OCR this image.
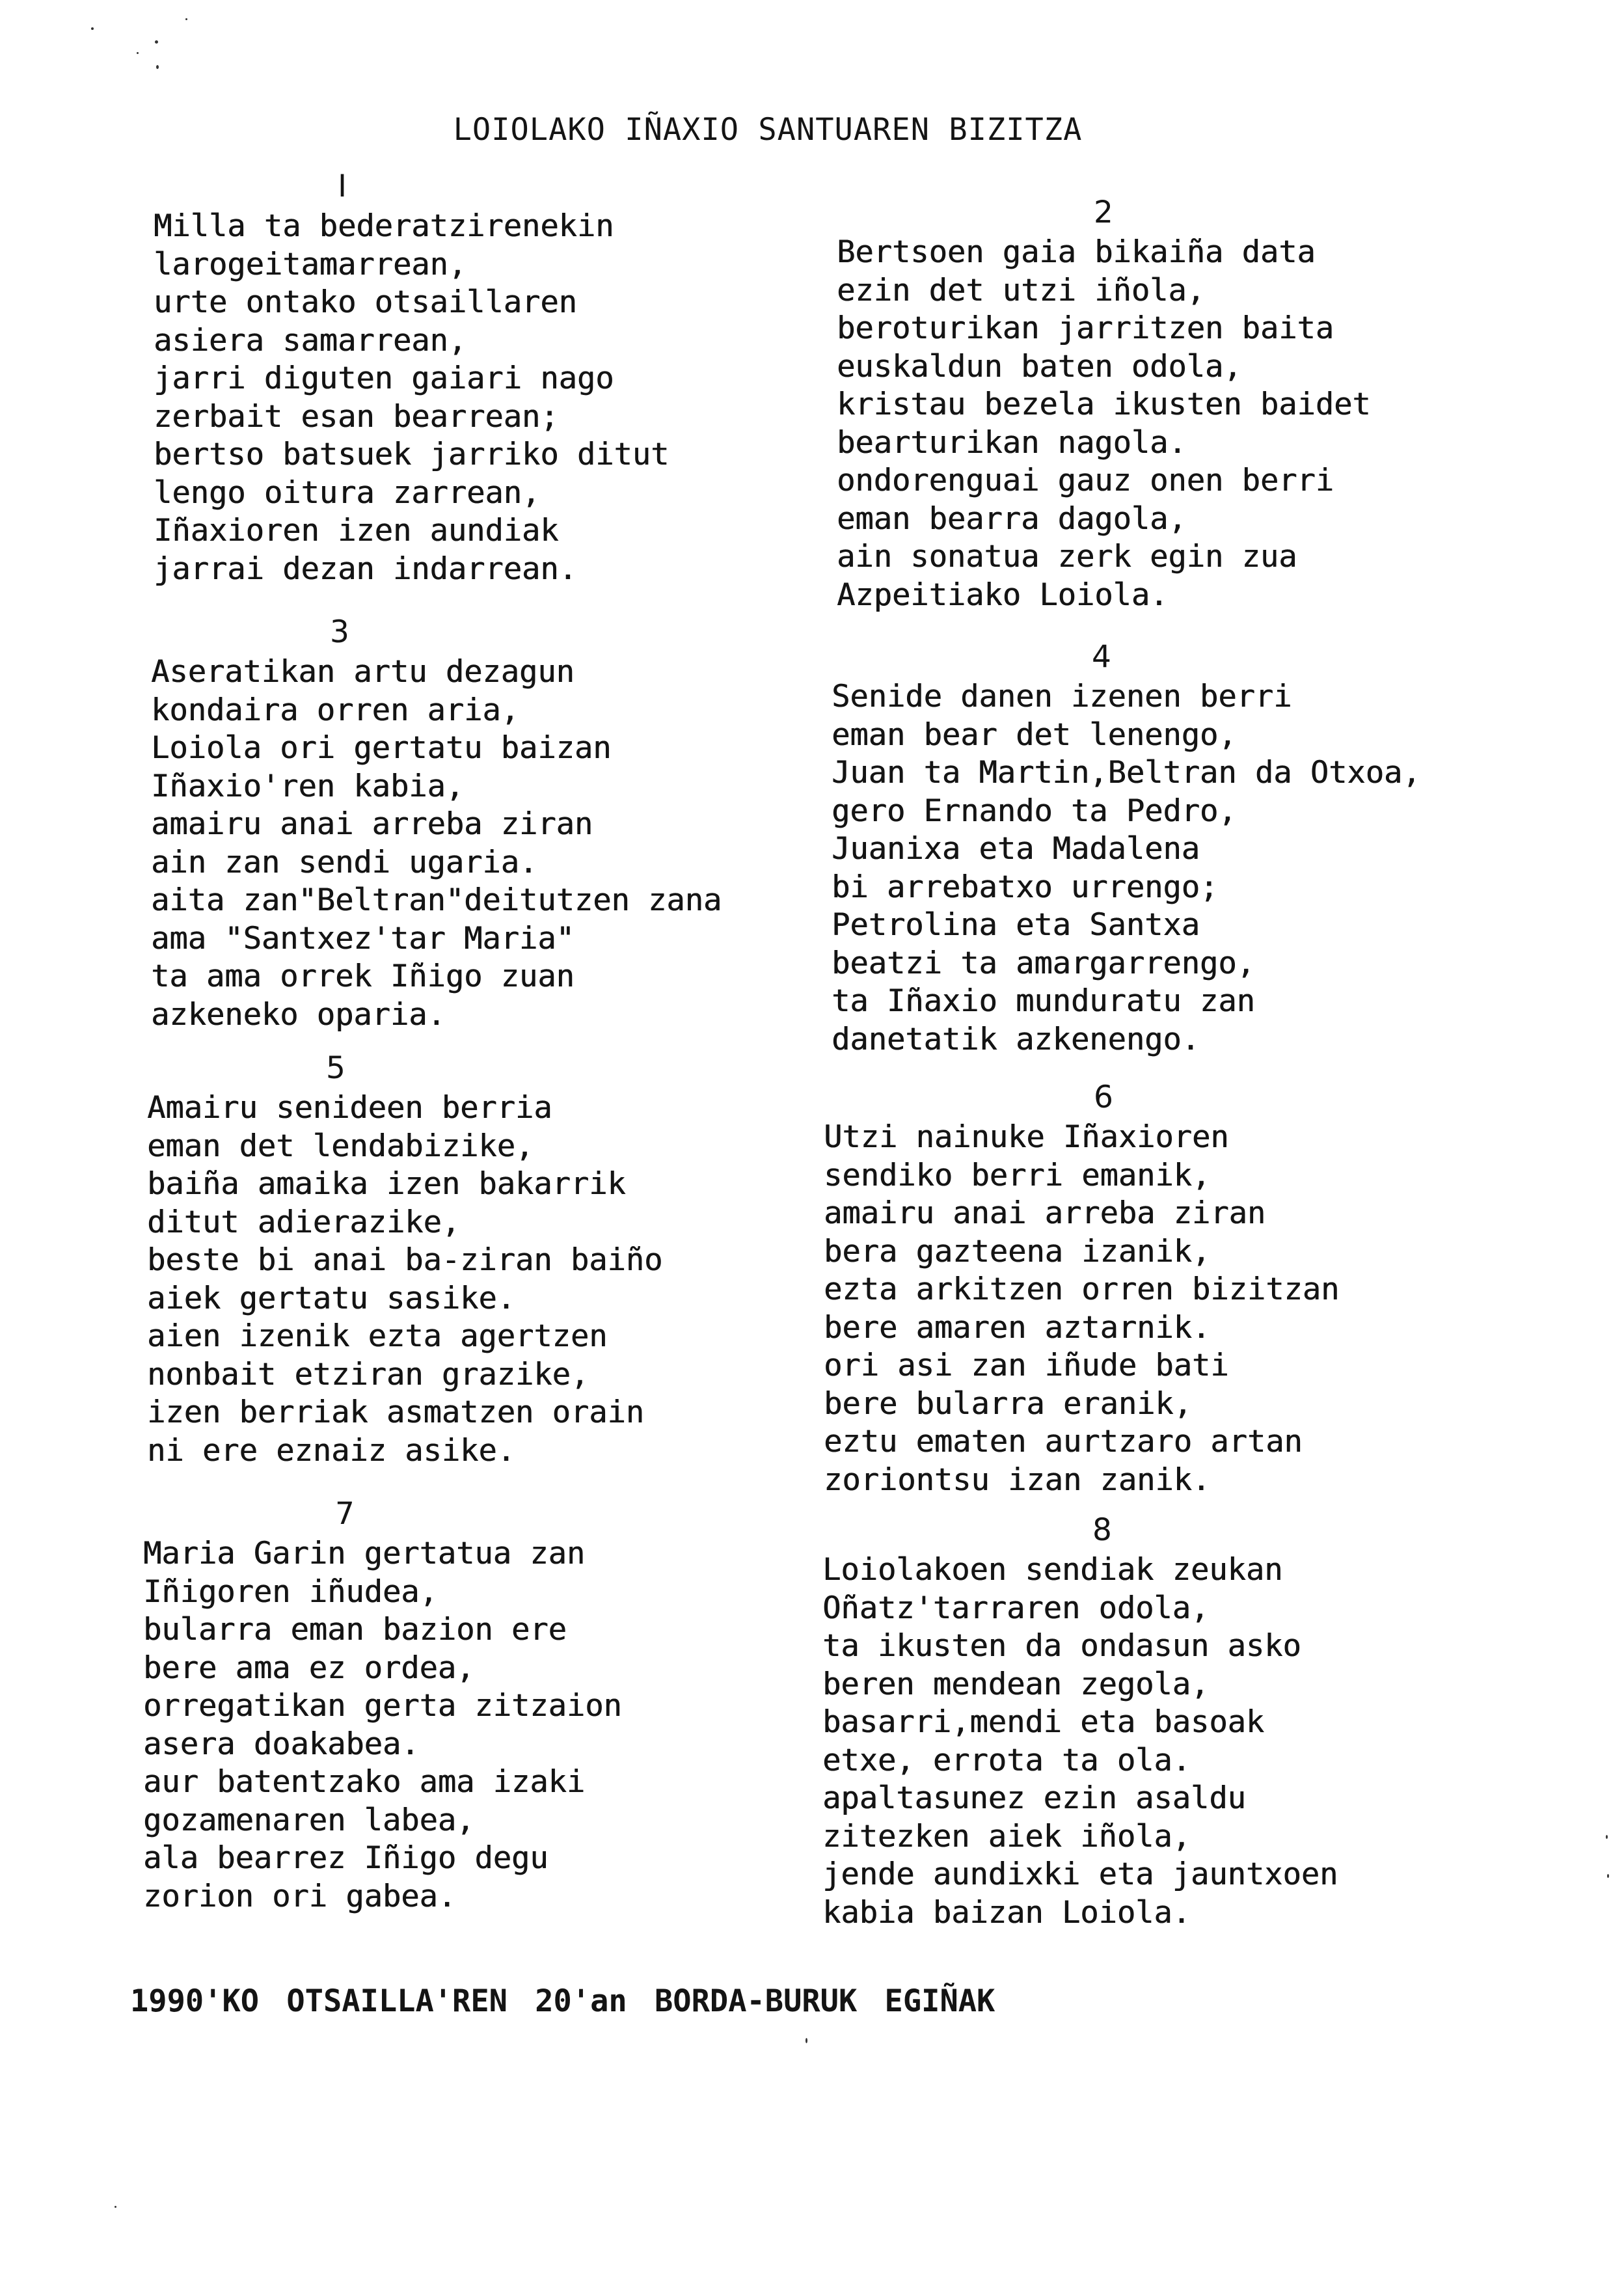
LOIOLAKO IÑAXIO SANTUAREN BIZITZA
I
Milla ta bederatzirenekin
larogeitamarrean,
urte ontako otsaillaren
asiera samarrean,
jarri diguten gaiari nago
zerbait esan bearrean;
bertso batsuek jarriko ditut
lengo oitura zarrean,
Iñaxioren izen aundiak
jarrai dezan indarrean.
2
Bertsoen gaia bikaiña data
ezin det utzi iñola,
beroturikan jarritzen baita
euskaldun baten odola,
kristau bezela ikusten baidet
bearturikan nagola.
ondorenguai gauz onen berri
eman bearra dagola,
ain sonatua zerk egin zua
Azpeitiako Loiola.
3
Aseratikan artu dezagun
kondaira orren aria,
Loiola ori gertatu baizan
Iñaxio'ren kabia,
amairu anai arreba ziran
ain zan sendi ugaria.
aita zan"Beltran"deitutzen zana
ama "Santxez'tar Maria"
ta ama orrek Iñigo zuan
azkeneko oparia.
4
Senide danen izenen berri
eman bear det lenengo,
Juan ta Martin,Beltran da Otxoa,
gero Ernando ta Pedro,
Juanixa eta Madalena
bi arrebatxo urrengo;
Petrolina eta Santxa
beatzi ta amargarrengo,
ta Iñaxio munduratu zan
danetatik azkenengo.
5
Amairu senideen berria
eman det lendabizike,
baiña amaika izen bakarrik
ditut adierazike,
beste bi anai ba-ziran baiño
aiek gertatu sasike.
aien izenik ezta agertzen
nonbait etziran grazike,
izen berriak asmatzen orain
ni ere eznaiz asike.
6
Utzi nainuke Iñaxioren
sendiko berri emanik,
amairu anai arreba ziran
bera gazteena izanik,
ezta arkitzen orren bizitzan
bere amaren aztarnik.
ori asi zan iñude bati
bere bularra eranik,
eztu ematen aurtzaro artan
zoriontsu izan zanik.
7
Maria Garin gertatua zan
Iñigoren iñudea,
bularra eman bazion ere
bere ama ez ordea,
orregatikan gerta zitzaion
asera doakabea.
aur batentzako ama izaki
gozamenaren labea,
ala bearrez Iñigo degu
zorion ori gabea.
8
Loiolakoen sendiak zeukan
Oñatz'tarraren odola,
ta ikusten da ondasun asko
beren mendean zegola,
basarri,mendi eta basoak
etxe, errota ta ola.
apaltasunez ezin asaldu
zitezken aiek iñola,
jende aundixki eta jauntxoen
kabia baizan Loiola.
1990'KO OTSAILLA'REN 20'an BORDA-BURUK EGIÑAK
